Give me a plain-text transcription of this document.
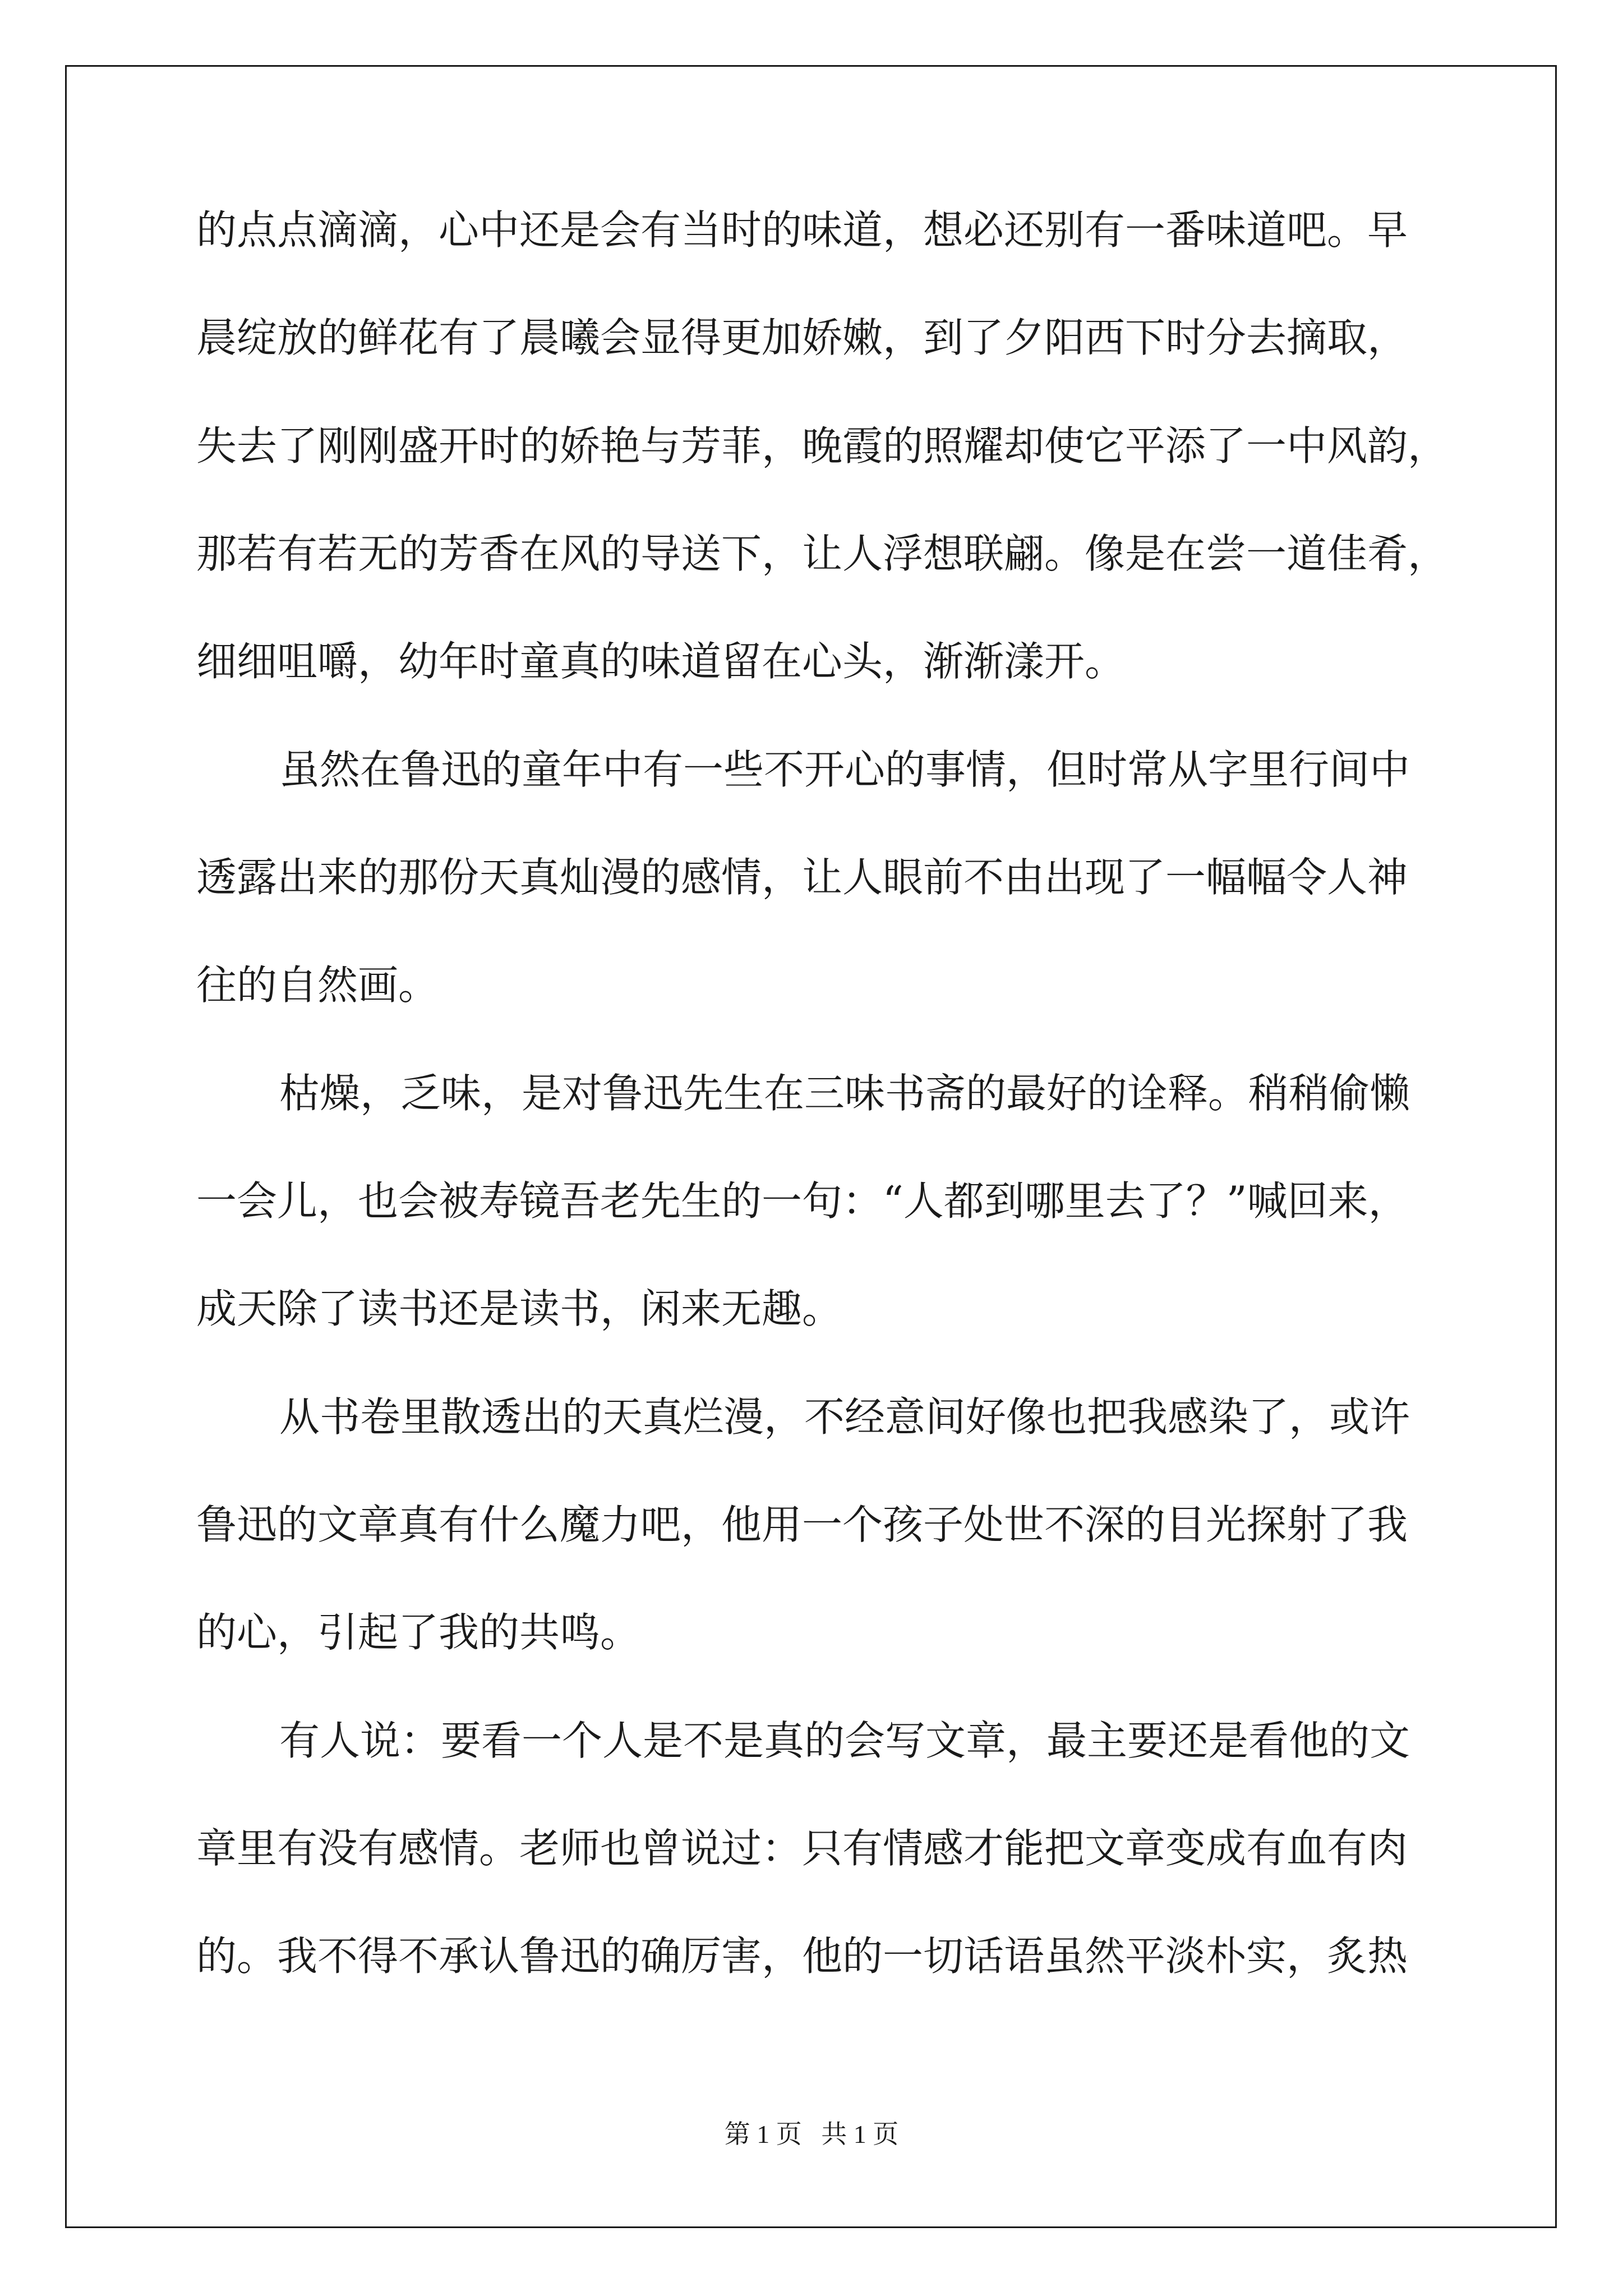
的点点滴滴，心中还是会有当时的味道，想必还别有一番味道吧。早
晨绽放的鲜花有了晨曦会显得更加娇嫩，到了夕阳西下时分去摘取，
失去了刚刚盛开时的娇艳与芳菲，晚霞的照耀却使它平添了一中风韵，
那若有若无的芳香在风的导送下，让人浮想联翩。像是在尝一道佳肴，
细细咀嚼，幼年时童真的味道留在心头，渐渐漾开。
虽然在鲁迅的童年中有一些不开心的事情，但时常从字里行间中
透露出来的那份天真灿漫的感情，让人眼前不由出现了一幅幅令人神
往的自然画。
枯燥，乏味，是对鲁迅先生在三味书斋的最好的诠释。稍稍偷懒
一会儿，也会被寿镜吾老先生的一句：“人都到哪里去了？”喊回来，
成天除了读书还是读书，闲来无趣。
从书卷里散透出的天真烂漫，不经意间好像也把我感染了，或许
鲁迅的文章真有什么魔力吧，他用一个孩子处世不深的目光探射了我
的心，引起了我的共鸣。
有人说：要看一个人是不是真的会写文章，最主要还是看他的文
章里有没有感情。老师也曾说过：只有情感才能把文章变成有血有肉
的。我不得不承认鲁迅的确厉害，他的一切话语虽然平淡朴实，炙热
第 1 页   共 1 页
